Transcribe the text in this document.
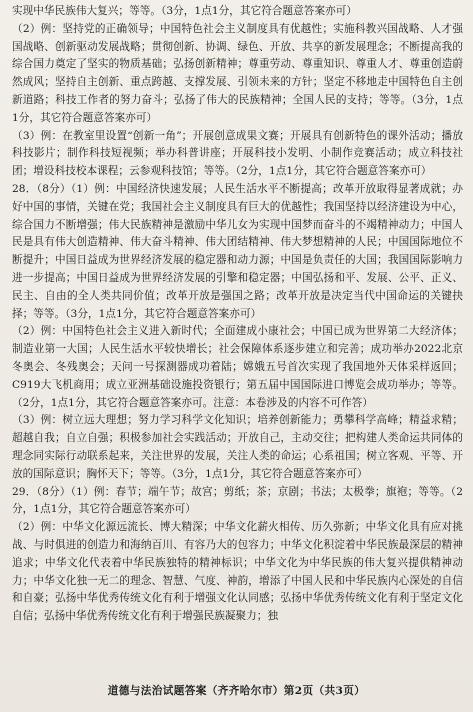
实现中华民族伟大复兴；等等。（3分，1点1分，其它符合题意答案亦可）

（2）例：坚持党的正确领导；中国特色社会主义制度具有优越性；实施科教兴国战略、人才强国战略、创新驱动发展战略；贯彻创新、协调、绿色、开放、共享的新发展理念；不断提高我的综合国力奠定了坚实的物质基础；弘扬创新精神；尊重劳动、尊重知识、尊重人才、尊重创造蔚然成风；坚持自主创新、重点跨越、支撑发展、引领未来的方针；坚定不移地走中国特色自主创新道路；科技工作者的努力奋斗；弘扬了伟大的民族精神；全国人民的支持；等等。（3分，1点1分，其它符合题意答案亦可）

（3）例：在教室里设置“创新一角”；开展创意成果文赛；开展具有创新特色的课外活动；播放科技影片；制作科技短视频；举办科普讲座；开展科技小发明、小制作竞赛活动；成立科技社团；增设科技校本课程；云参观科技馆；等等。（2分，1点1分，其它符合题意答案亦可）

28．（8分）（1）例：中国经济快速发展；人民生活水平不断提高；改革开放取得显著成就；办好中国的事情，关键在党；我国社会主义制度具有巨大的优越性；我国坚持以经济建设为中心，综合国力不断增强；伟大民族精神是激励中华儿女为实现中国梦而奋斗的不竭精神动力；中国人民是具有伟大创造精神、伟大奋斗精神、伟大团结精神、伟大梦想精神的人民；中国国际地位不断提升；中国日益成为世界经济发展的稳定器和动力源；中国是负责任的大国；我国国际影响力进一步提高；中国日益成为世界经济发展的引擎和稳定器；中国弘扬和平、发展、公平、正义、民主、自由的全人类共同价值；改革开放是强国之路；改革开放是决定当代中国命运的关键抉择；等等。（3分，1点1分，其它符合题意答案亦可）

（2）例：中国特色社会主义进入新时代；全面建成小康社会；中国已成为世界第二大经济体；制造业第一大国；人民生活水平较快增长；社会保障体系逐步建立和完善；成功举办2022北京冬奥会、冬残奥会；天问一号探测器成功着陆；嫦娥五号首次实现了我国地外天体采样返回；C919大飞机商用；成立亚洲基础设施投资银行；第五届中国国际进口博览会成功举办；等等。（2分，1点1分，其它符合题意答案亦可。注意：本卷涉及的内容不可作答）

（3）例：树立远大理想；努力学习科学文化知识；培养创新能力；勇攀科学高峰；精益求精；超越自我；自立自强；积极参加社会实践活动；开放自己，主动交往；把构建人类命运共同体的理念同实际行动联系起来，关注世界的发展，关注人类的命运；心系祖国；树立客观、平等、开放的国际意识；胸怀天下；等等。（3分，1点1分，其它符合题意答案亦可）

29．（8分）（1）例：春节；端午节；故宫；剪纸；茶；京剧；书法；太极拳；旗袍；等等。（2分，1点1分，其它符合题意答案亦可）

（2）例：中华文化源远流长、博大精深；中华文化薪火相传、历久弥新；中华文化具有应对挑战、与时俱进的创造力和海纳百川、有容乃大的包容力；中华文化积淀着中华民族最深层的精神追求；中华文化代表着中华民族独特的精神标识；中华文化为中华民族的伟大复兴提供精神动力；中华文化独一无二的理念、智慧、气度、神韵，增添了中国人民和中华民族内心深处的自信和自豪；弘扬中华优秀传统文化有利于增强文化认同感；弘扬中华优秀传统文化有利于坚定文化自信；弘扬中华优秀传统文化有利于增强民族凝聚力；独

道德与法治试题答案（齐齐哈尔市）第2页（共3页）
